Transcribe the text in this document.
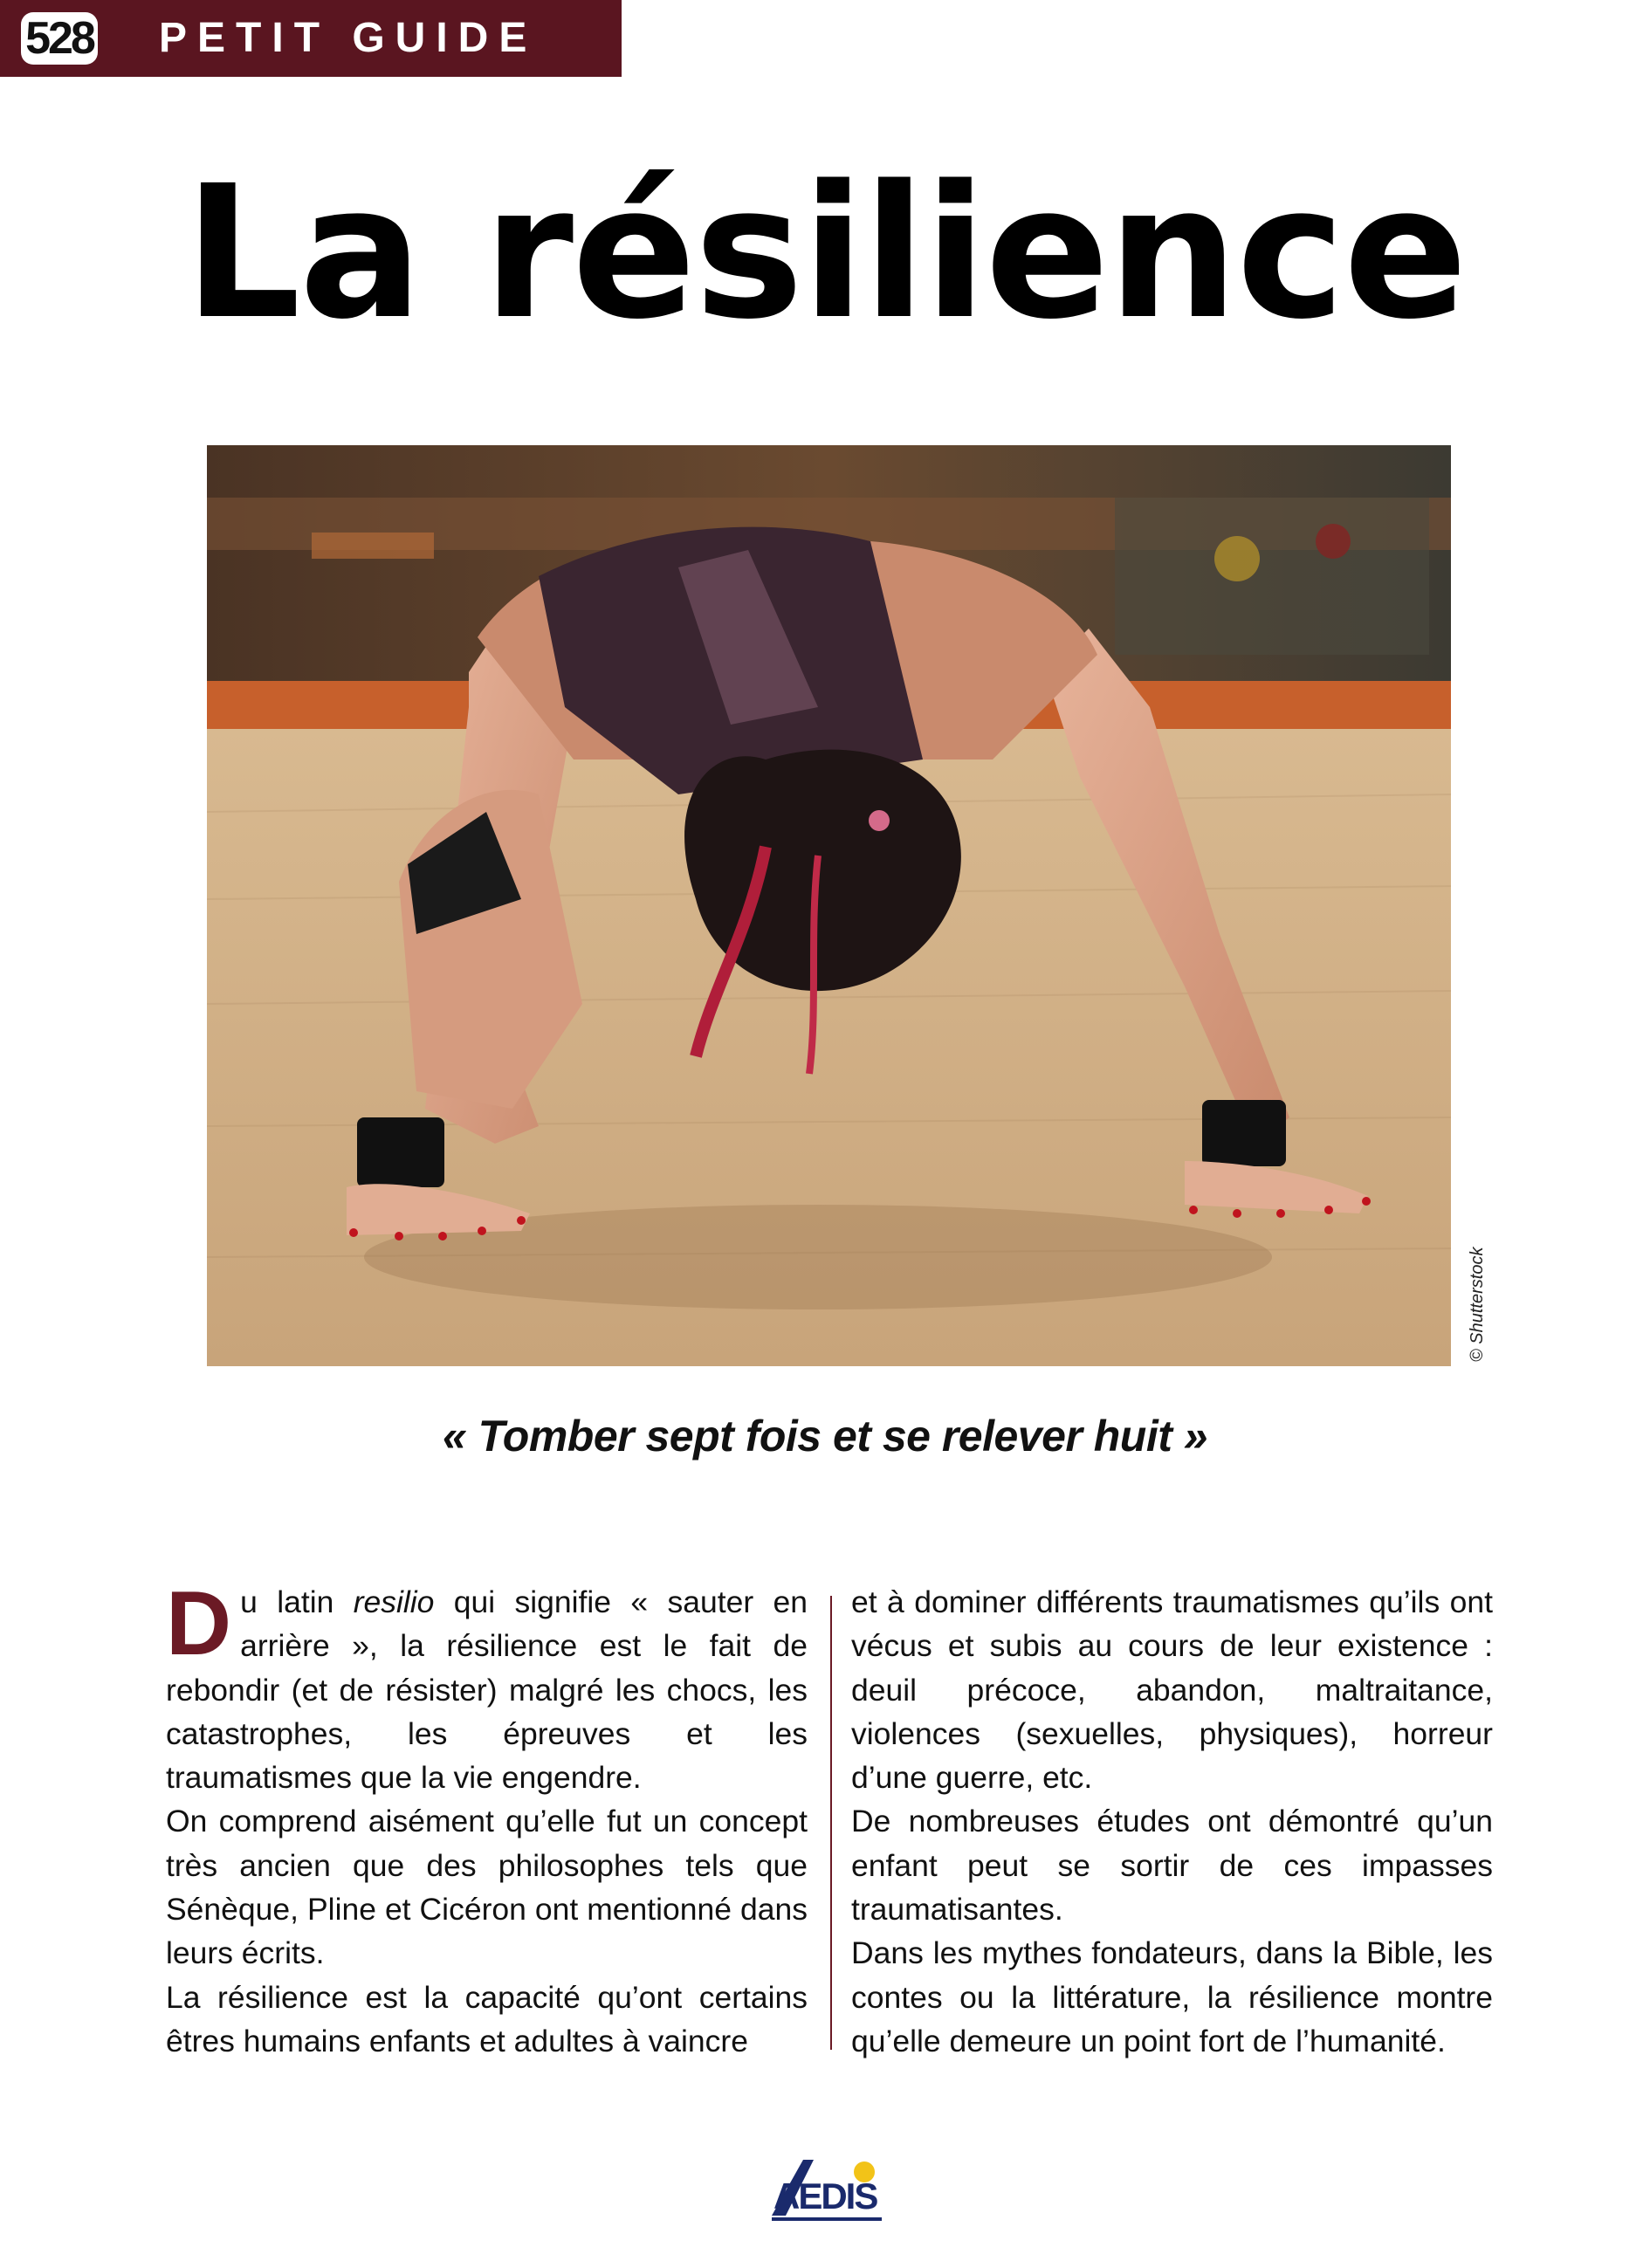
528 PETIT GUIDE
La résilience
© Shutterstock
« Tomber sept fois et se relever huit »

Du latin resilio qui signifie « sauter en arrière », la résilience est le fait de rebondir (et de résister) malgré les chocs, les catastrophes, les épreuves et les traumatismes que la vie engendre.

On comprend aisément qu’elle fut un concept très ancien que des philosophes tels que Sénèque, Pline et Cicéron ont mentionné dans leurs écrits.

La résilience est la capacité qu’ont certains êtres humains enfants et adultes à vaincre

et à dominer différents traumatismes qu’ils ont vécus et subis au cours de leur existence : deuil précoce, abandon, maltraitance, violences (sexuelles, physiques), horreur d’une guerre, etc.

De nombreuses études ont démontré qu’un enfant peut se sortir de ces impasses traumatisantes.

Dans les mythes fondateurs, dans la Bible, les contes ou la littérature, la résilience montre qu’elle demeure un point fort de l’humanité.

AEDIS
